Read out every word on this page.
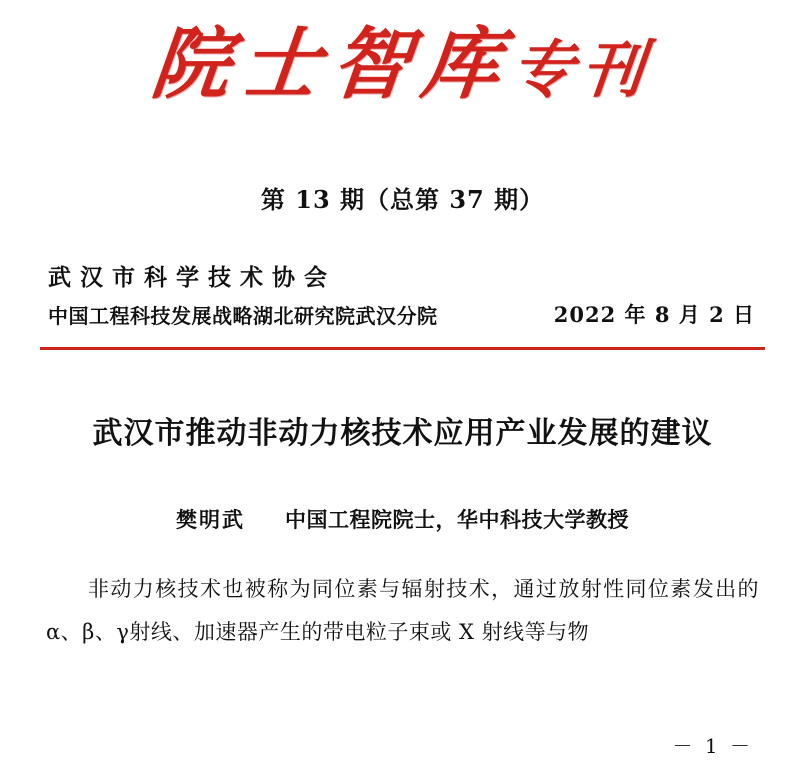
院士智库专刊
第 13 期（总第 37 期）
武汉市科学技术协会
中国工程科技发展战略湖北研究院武汉分院	2022 年 8 月 2 日
武汉市推动非动力核技术应用产业发展的建议
樊明武 中国工程院院士，华中科技大学教授
非动力核技术也被称为同位素与辐射技术，通过放射性同位素发出的α、β、γ射线、加速器产生的带电粒子束或 X 射线等与物
－ 1 －
